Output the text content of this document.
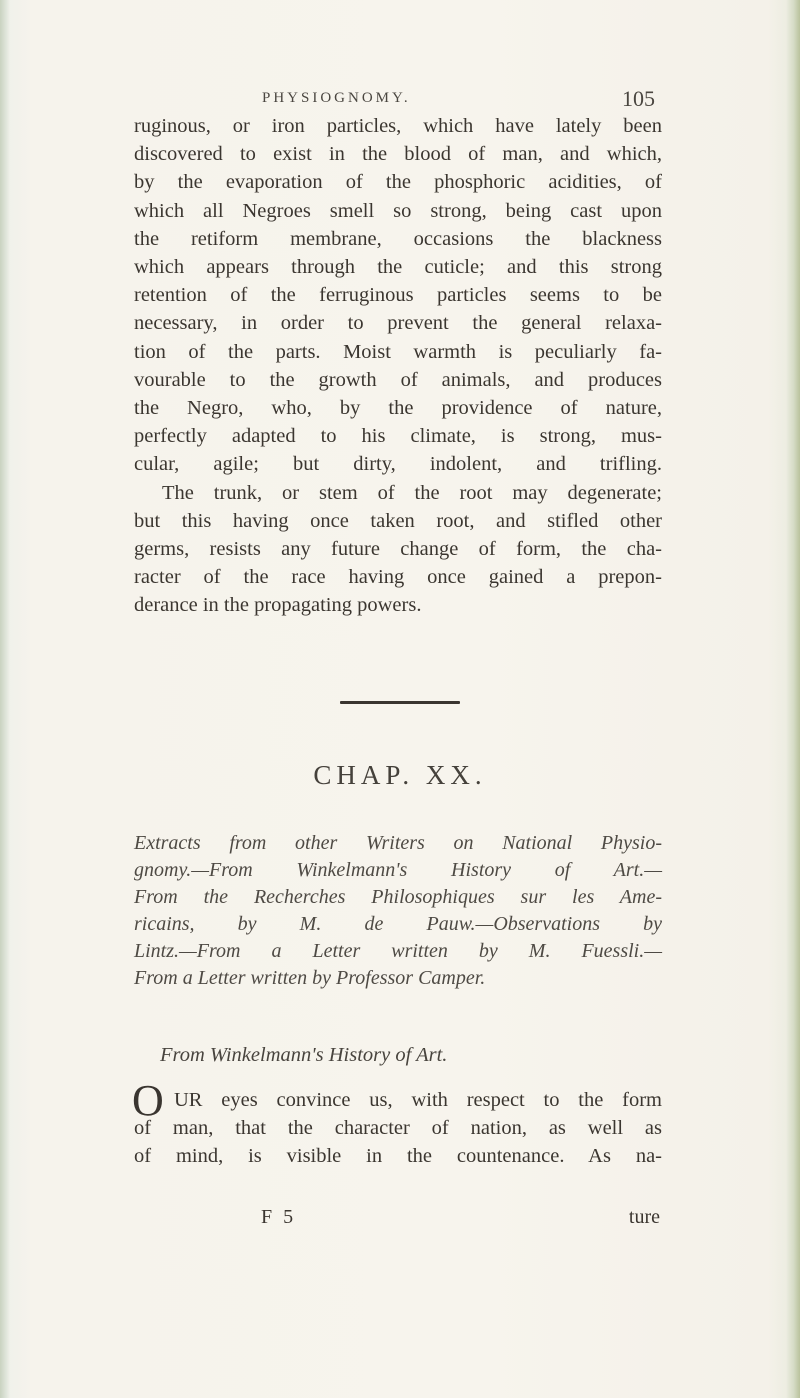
PHYSIOGNOMY.	105
ruginous, or iron particles, which have lately been
discovered to exist in the blood of man, and which,
by the evaporation of the phosphoric acidities, of
which all Negroes smell so strong, being cast upon
the retiform membrane, occasions the blackness
which appears through the cuticle; and this strong
retention of the ferruginous particles seems to be
necessary, in order to prevent the general relaxa-
tion of the parts. Moist warmth is peculiarly fa-
vourable to the growth of animals, and produces
the Negro, who, by the providence of nature,
perfectly adapted to his climate, is strong, mus-
cular, agile; but dirty, indolent, and trifling.
The trunk, or stem of the root may degenerate;
but this having once taken root, and stifled other
germs, resists any future change of form, the cha-
racter of the race having once gained a prepon-
derance in the propagating powers.
CHAP. XX.
Extracts from other Writers on National Physio-
gnomy.—From Winkelmann's History of Art.—
From the Recherches Philosophiques sur les Ame-
ricains, by M. de Pauw.—Observations by
Lintz.—From a Letter written by M. Fuessli.—
From a Letter written by Professor Camper.
From Winkelmann's History of Art.
O UR eyes convince us, with respect to the form
of man, that the character of nation, as well as
of mind, is visible in the countenance. As na-
F 5	ture
